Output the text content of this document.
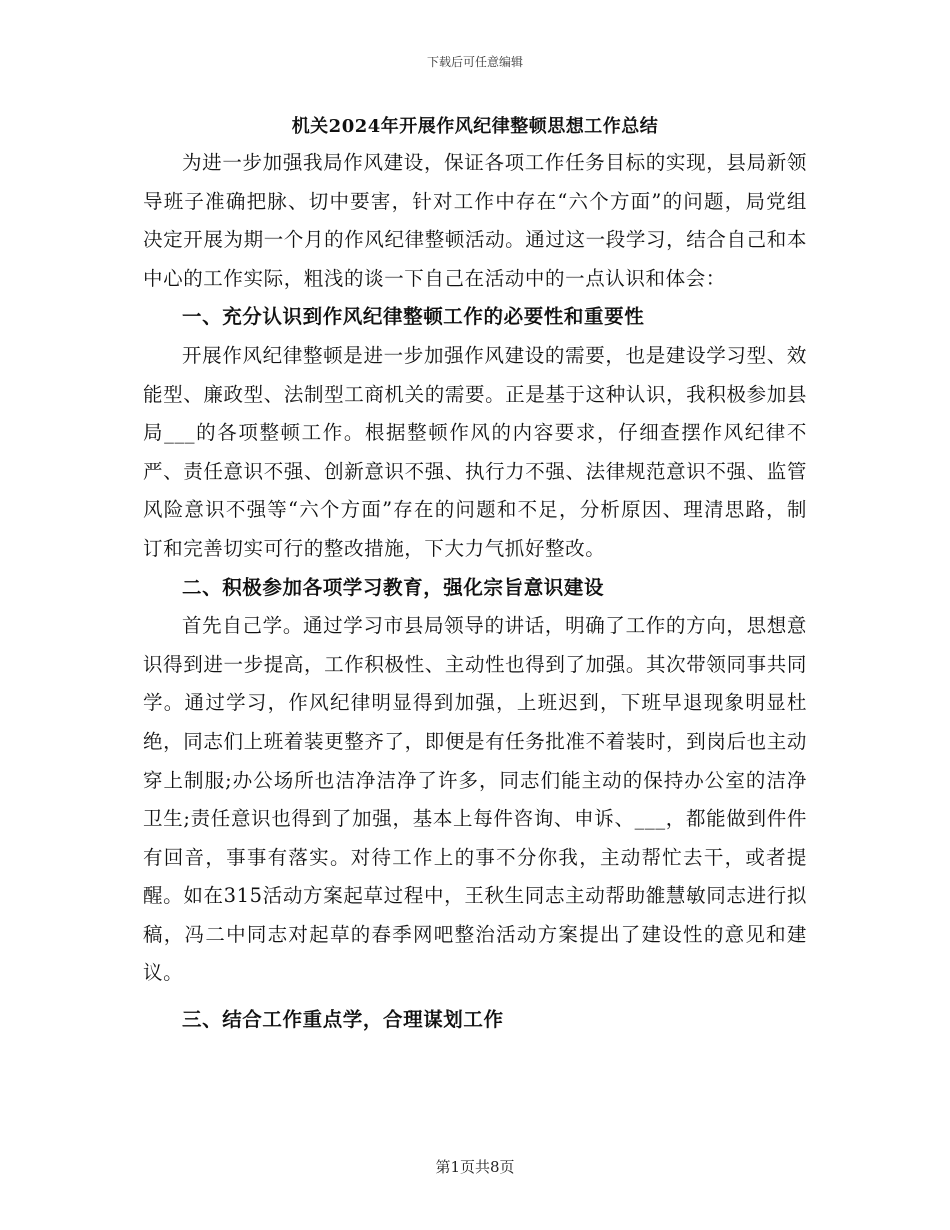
下载后可任意编辑
机关2024年开展作风纪律整顿思想工作总结

为进一步加强我局作风建设，保证各项工作任务目标的实现，县局新领导班子准确把脉、切中要害，针对工作中存在“六个方面”的问题，局党组决定开展为期一个月的作风纪律整顿活动。通过这一段学习，结合自己和本中心的工作实际，粗浅的谈一下自己在活动中的一点认识和体会：

一、充分认识到作风纪律整顿工作的必要性和重要性

开展作风纪律整顿是进一步加强作风建设的需要，也是建设学习型、效能型、廉政型、法制型工商机关的需要。正是基于这种认识，我积极参加县局___的各项整顿工作。根据整顿作风的内容要求，仔细查摆作风纪律不严、责任意识不强、创新意识不强、执行力不强、法律规范意识不强、监管风险意识不强等“六个方面”存在的问题和不足，分析原因、理清思路，制订和完善切实可行的整改措施，下大力气抓好整改。

二、积极参加各项学习教育，强化宗旨意识建设

首先自己学。通过学习市县局领导的讲话，明确了工作的方向，思想意识得到进一步提高，工作积极性、主动性也得到了加强。其次带领同事共同学。通过学习，作风纪律明显得到加强，上班迟到，下班早退现象明显杜绝，同志们上班着装更整齐了，即便是有任务批准不着装时，到岗后也主动穿上制服;办公场所也洁净洁净了许多，同志们能主动的保持办公室的洁净卫生;责任意识也得到了加强，基本上每件咨询、申诉、___，都能做到件件有回音，事事有落实。对待工作上的事不分你我，主动帮忙去干，或者提醒。如在315活动方案起草过程中，王秋生同志主动帮助雒慧敏同志进行拟稿，冯二中同志对起草的春季网吧整治活动方案提出了建设性的意见和建议。

三、结合工作重点学，合理谋划工作

第1页共8页
